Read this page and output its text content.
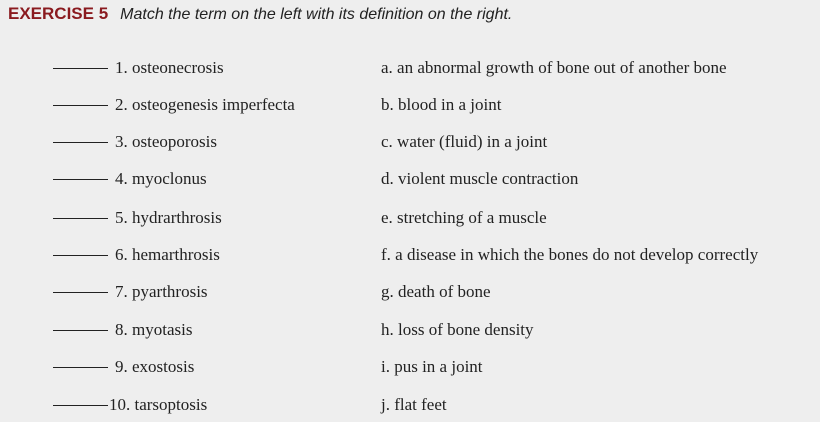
EXERCISE 5 Match the term on the left with its definition on the right.
1. osteonecrosis	a. an abnormal growth of bone out of another bone
2. osteogenesis imperfecta	b. blood in a joint
3. osteoporosis	c. water (fluid) in a joint
4. myoclonus	d. violent muscle contraction
5. hydrarthrosis	e. stretching of a muscle
6. hemarthrosis	f. a disease in which the bones do not develop correctly
7. pyarthrosis	g. death of bone
8. myotasis	h. loss of bone density
9. exostosis	i. pus in a joint
10. tarsoptosis	j. flat feet
